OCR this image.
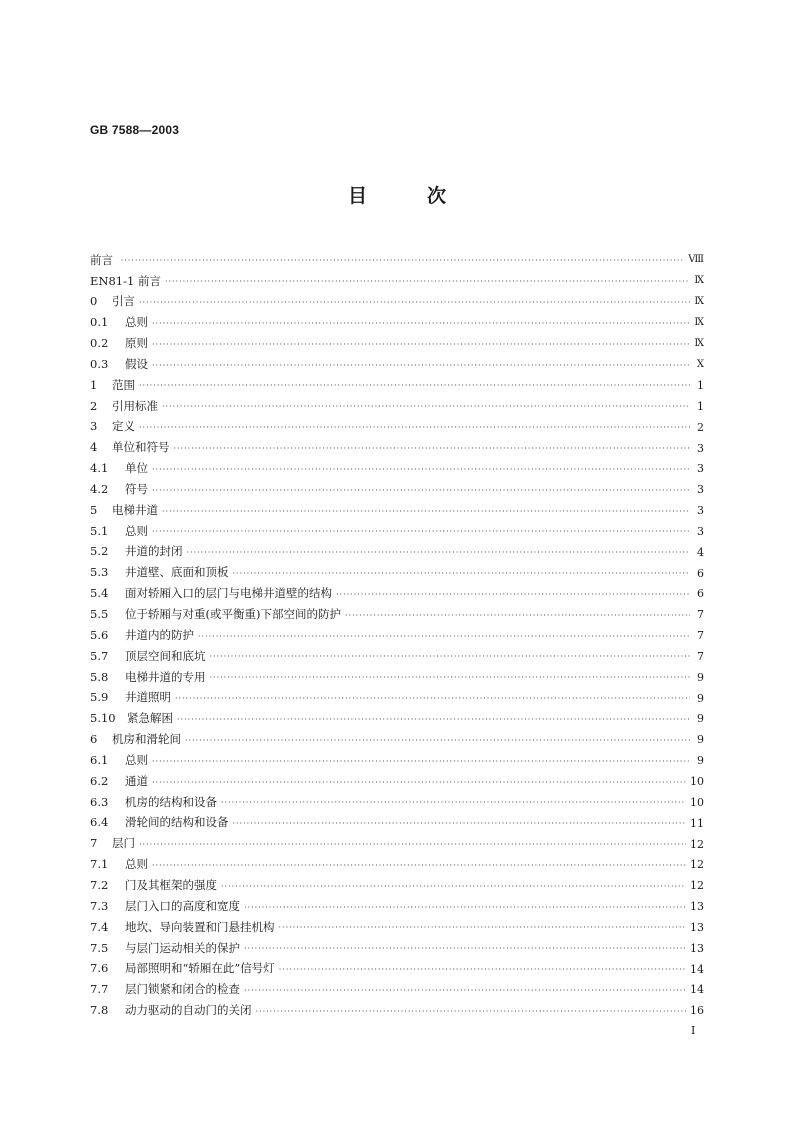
GB 7588—2003
目	次
前言 ·····	Ⅷ
EN81-1 前言 ·····	Ⅸ
0	引言 ·····	Ⅸ
0.1	总则 ·····	Ⅸ
0.2	原则 ·····	Ⅸ
0.3	假设 ·····	Ⅹ
1	范围 ·····	1
2	引用标准 ·····	1
3	定义 ·····	2
4	单位和符号 ·····	3
4.1	单位 ·····	3
4.2	符号 ·····	3
5	电梯井道 ·····	3
5.1	总则 ·····	3
5.2	井道的封闭 ·····	4
5.3	井道壁、底面和顶板 ·····	6
5.4	面对轿厢入口的层门与电梯井道壁的结构 ·····	6
5.5	位于轿厢与对重(或平衡重)下部空间的防护 ·····	7
5.6	井道内的防护 ·····	7
5.7	顶层空间和底坑 ·····	7
5.8	电梯井道的专用 ·····	9
5.9	井道照明 ·····	9
5.10 紧急解困 ·····	9
6	机房和滑轮间 ·····	9
6.1	总则 ·····	9
6.2	通道 ·····	10
6.3	机房的结构和设备 ·····	10
6.4	滑轮间的结构和设备 ·····	11
7	层门 ·····	12
7.1	总则 ·····	12
7.2	门及其框架的强度 ·····	12
7.3	层门入口的高度和宽度 ·····	13
7.4	地坎、导向装置和门悬挂机构 ·····	13
7.5	与层门运动相关的保护 ·····	13
7.6	局部照明和“轿厢在此”信号灯 ·····	14
7.7	层门锁紧和闭合的检查 ·····	14
7.8	动力驱动的自动门的关闭 ·····	16
Ⅰ
